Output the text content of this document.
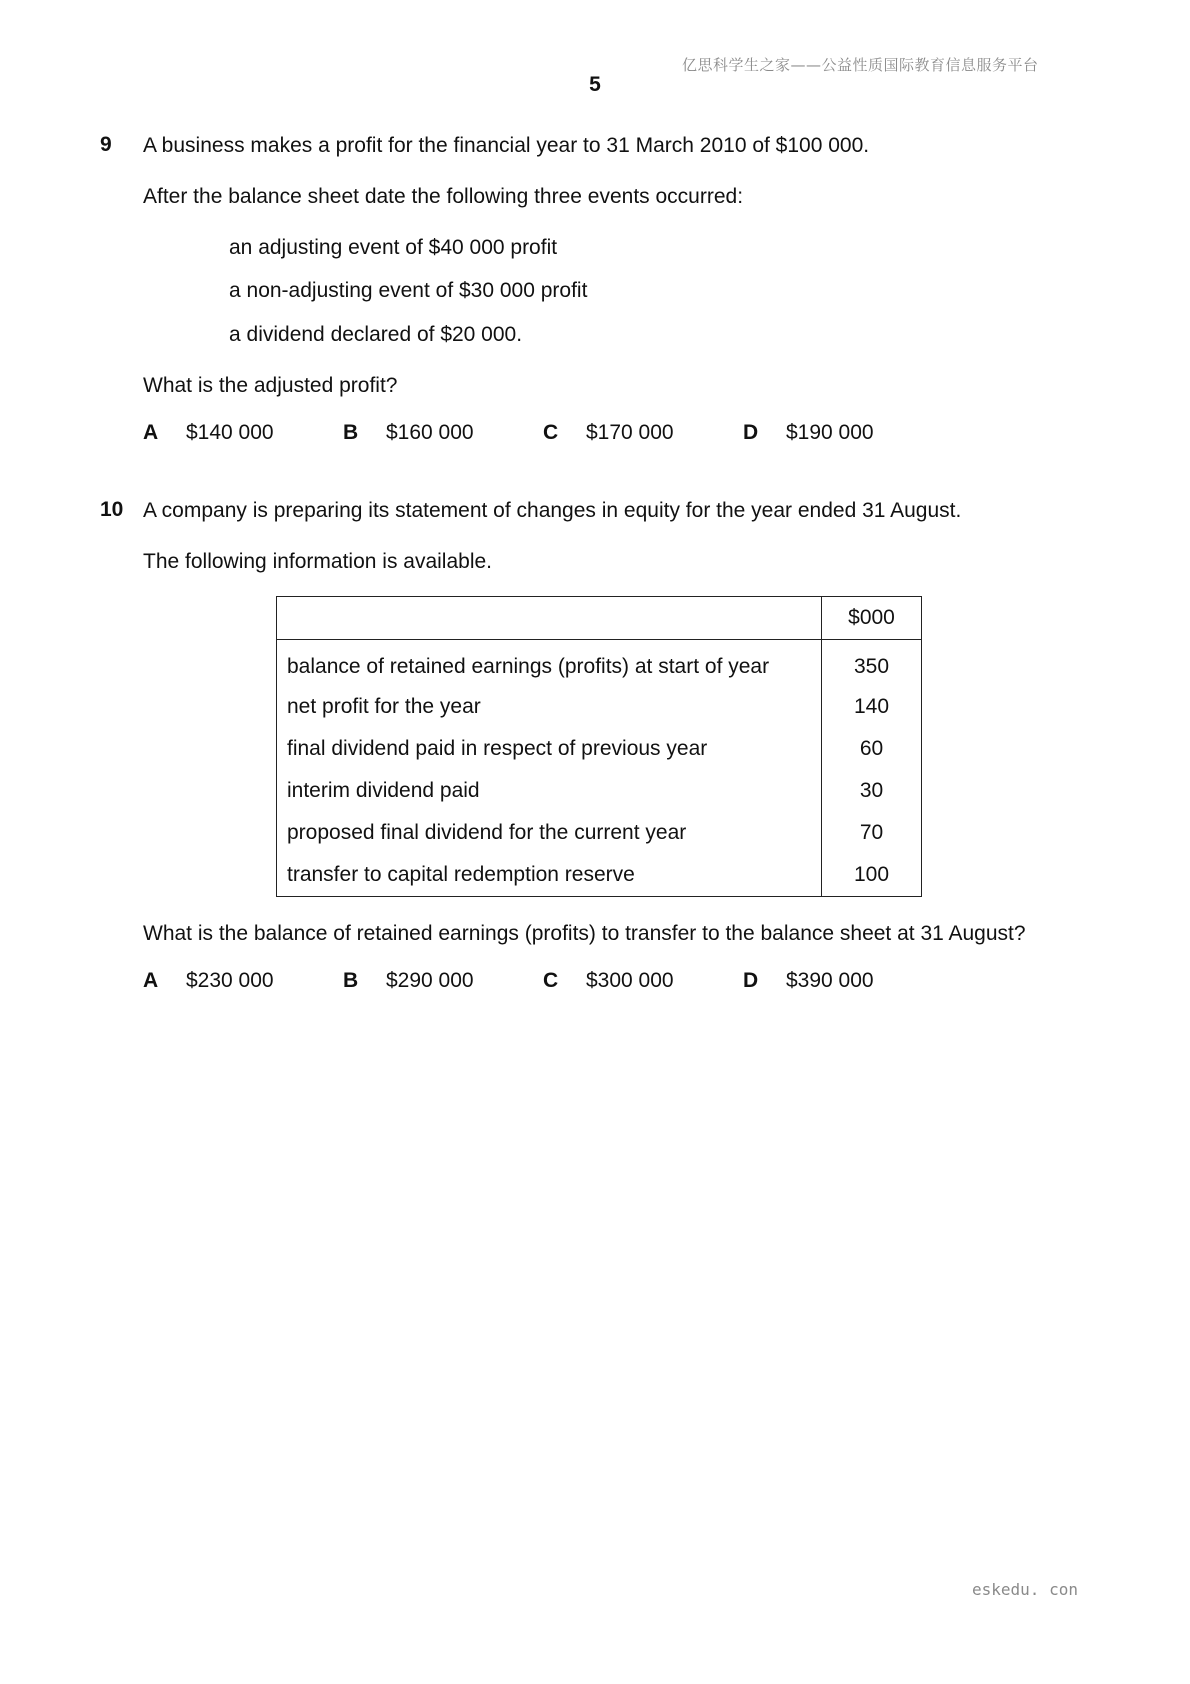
亿思科学生之家——公益性质国际教育信息服务平台
5
9 A business makes a profit for the financial year to 31 March 2010 of $100 000.
After the balance sheet date the following three events occurred:
an adjusting event of $40 000 profit
a non-adjusting event of $30 000 profit
a dividend declared of $20 000.
What is the adjusted profit?
A $140 000	B $160 000	C $170 000	D $190 000
10 A company is preparing its statement of changes in equity for the year ended 31 August.
The following information is available.
	$000
balance of retained earnings (profits) at start of year	350
net profit for the year	140
final dividend paid in respect of previous year	60
interim dividend paid	30
proposed final dividend for the current year	70
transfer to capital redemption reserve	100
What is the balance of retained earnings (profits) to transfer to the balance sheet at 31 August?
A $230 000	B $290 000	C $300 000	D $390 000
eskedu. con
